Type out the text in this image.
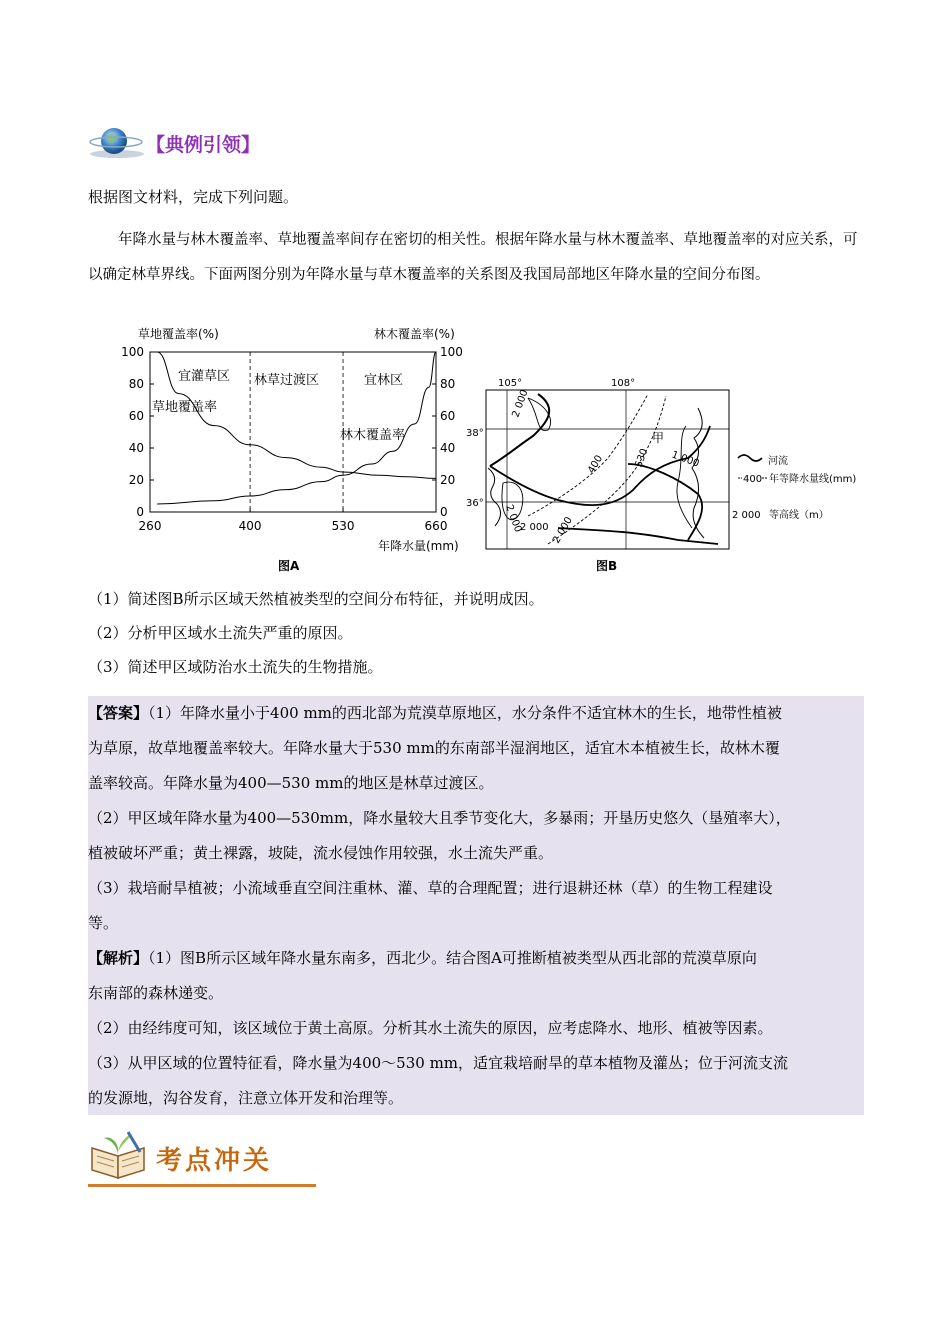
【典例引领】
根据图文材料，完成下列问题。
年降水量与林木覆盖率、草地覆盖率间存在密切的相关性。根据年降水量与林木覆盖率、草地覆盖率的对应关系，可以确定林草界线。下面两图分别为年降水量与草木覆盖率的关系图及我国局部地区年降水量的空间分布图。
草地覆盖率(%)	林木覆盖率(%)
0
20
40
60
80
100
0
20
40
60
80
100
260	400	530	660
宜灌草区 林草过渡区	宜林区
草地覆盖率
林木覆盖率
年降水量(mm)
图A
105°	108°
38°
36°
2 000
1 000
2 000
2 000 2 000
400	530
甲
河流
400 年等降水量线(mm)
2 000 等高线（m）
图B
（1）简述图B所示区域天然植被类型的空间分布特征，并说明成因。
（2）分析甲区域水土流失严重的原因。
（3）简述甲区域防治水土流失的生物措施。
【答案】（1）年降水量小于400 mm的西北部为荒漠草原地区，水分条件不适宜林木的生长，地带性植被
为草原，故草地覆盖率较大。年降水量大于530 mm的东南部半湿润地区，适宜木本植被生长，故林木覆
盖率较高。年降水量为400—530 mm的地区是林草过渡区。
（2）甲区域年降水量为400—530mm，降水量较大且季节变化大，多暴雨；开垦历史悠久（垦殖率大），
植被破坏严重；黄土裸露，坡陡，流水侵蚀作用较强，水土流失严重。
（3）栽培耐旱植被；小流域垂直空间注重林、灌、草的合理配置；进行退耕还林（草）的生物工程建设
等。
【解析】（1）图B所示区域年降水量东南多，西北少。结合图A可推断植被类型从西北部的荒漠草原向
东南部的森林递变。
（2）由经纬度可知，该区域位于黄土高原。分析其水土流失的原因，应考虑降水、地形、植被等因素。
（3）从甲区域的位置特征看，降水量为400～530 mm，适宜栽培耐旱的草本植物及灌丛；位于河流支流
的发源地，沟谷发育，注意立体开发和治理等。
考点冲关
